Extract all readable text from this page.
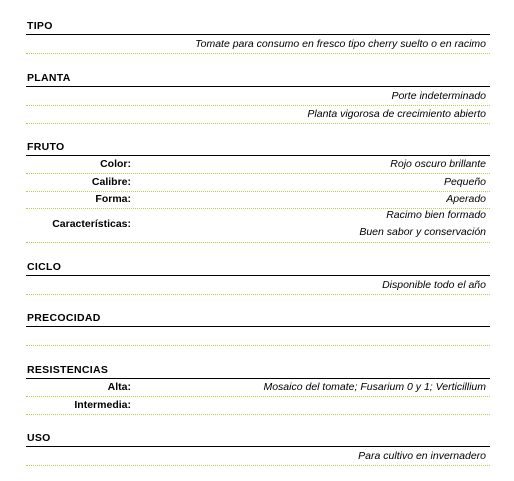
TIPO
Tomate para consumo en fresco tipo cherry suelto o en racimo
PLANTA
Porte indeterminado
Planta vigorosa de crecimiento abierto
FRUTO
Color:	Rojo oscuro brillante
Calibre:	Pequeño
Forma:	Aperado
Características:
Racimo bien formado
Buen sabor y conservación
CICLO
Disponible todo el año
PRECOCIDAD
RESISTENCIAS
Alta:	Mosaico del tomate; Fusarium 0 y 1; Verticillium
Intermedia:
USO
Para cultivo en invernadero
